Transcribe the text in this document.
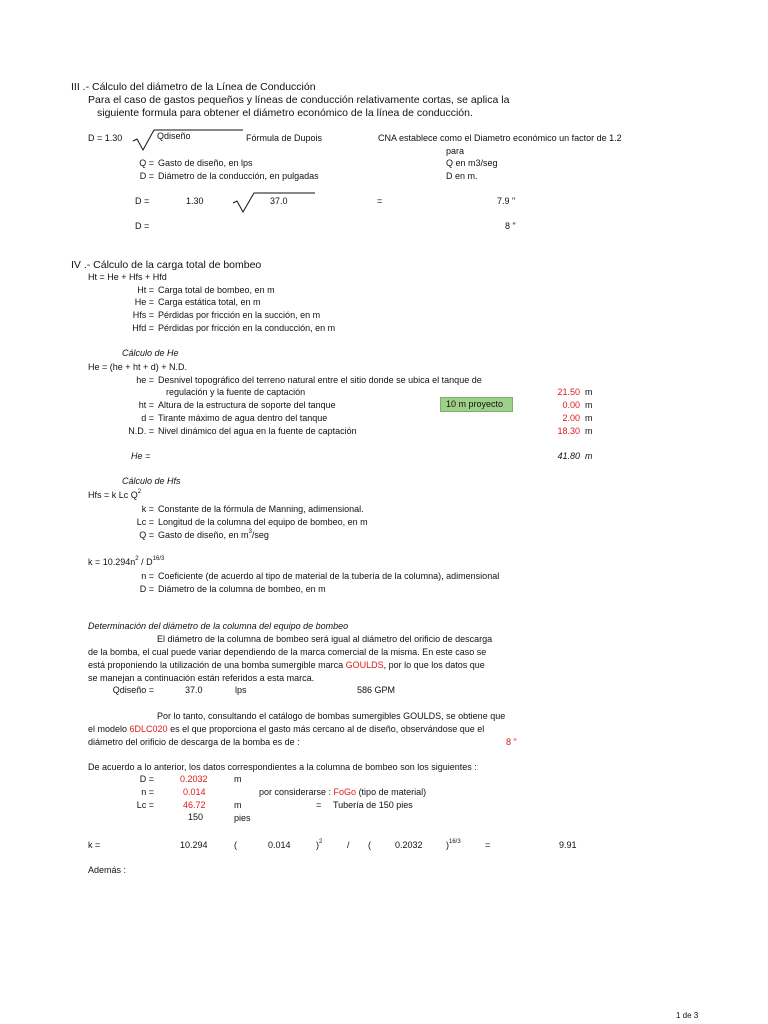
III .- Cálculo del diámetro de la Línea de Conducción
Para el caso de gastos pequeños y líneas de conducción relativamente cortas, se aplica la
siguiente formula para obtener el diámetro económico de la línea de conducción.
D = 1.30	Qdiseño	Fórmula de Dupois	CNA establece como el Diametro económico un factor de 1.2
para
Q = Gasto de diseño, en lps	Q en m3/seg
D = Diámetro de la conducción, en pulgadas	D en m.
D =	1.30	37.0	=	7.9 "
D =	8 "
IV .- Cálculo de la carga total de bombeo
Ht = He + Hfs + Hfd
Ht = Carga total de bombeo, en m
He = Carga estática total, en m
Hfs = Pérdidas por fricción en la succión, en m
Hfd = Pérdidas por fricción en la conducción, en m
Cálculo de He
He = (he + ht + d) + N.D.
he = Desnivel topográfico del terreno natural entre el sitio donde se ubica el tanque de
regulación y la fuente de captación	21.50 m
ht = Altura de la estructura de soporte del tanque	10 m proyecto	0.00 m
d = Tirante máximo de agua dentro del tanque	2.00 m
N.D. = Nivel dinámico del agua en la fuente de captación	18.30 m
He =	41.80 m
Cálculo de Hfs
Hfs = k Lc $Q^2$
k = Constante de la fórmula de Manning, adimensional.
Lc = Longitud de la columna del equipo de bombeo, en m
Q = Gasto de diseño, en $m^3$/seg
$k = 10.294n^2 / D^{16/3}$
n = Coeficiente (de acuerdo al tipo de material de la tubería de la columna), adimensional
D = Diámetro de la columna de bombeo, en m
Determinación del diámetro de la columna del equipo de bombeo
El diámetro de la columna de bombeo será igual al diámetro del orificio de descarga
de la bomba, el cual puede variar dependiendo de la marca comercial de la misma. En este caso se
está proponiendo la utilización de una bomba sumergible marca GOULDS, por lo que los datos que
se manejan a continuación están referidos a esta marca.
Qdiseño =	37.0	lps	586 GPM
Por lo tanto, consultando el catálogo de bombas sumergibles GOULDS, se obtiene que
el modelo 6DLC020 es el que proporciona el gasto más cercano al de diseño, observándose que el
diámetro del orificio de descarga de la bomba es de :	8 "
De acuerdo a lo anterior, los datos correspondientes a la columna de bombeo son los siguientes :
D =	0.2032	m
n =	0.014	por considerarse : FoGo (tipo de material)
Lc =	46.72	m	= Tubería de 150 pies
150	pies
k =	10.294	(	0.014	)$^2$	/ (	0.2032	)$^{16/3}$	=	9.91
Además :
1 de 3
